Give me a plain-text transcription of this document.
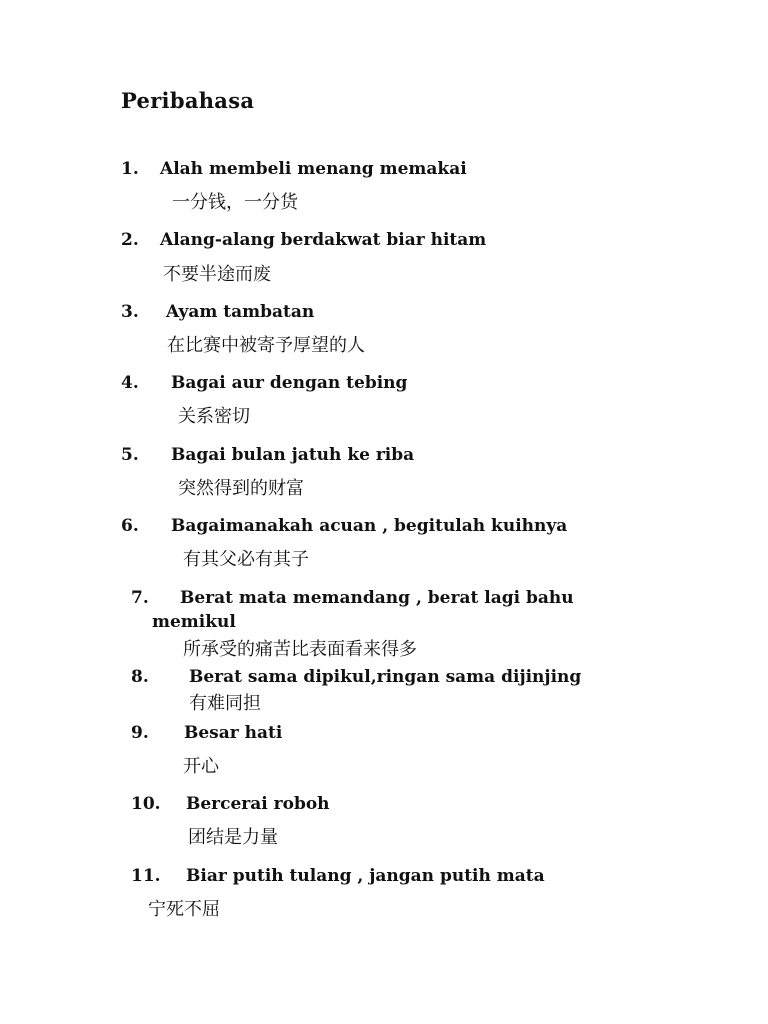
Peribahasa
1. Alah membeli menang memakai
一分钱，一分货
2. Alang-alang berdakwat biar hitam
不要半途而废
3. Ayam tambatan
在比赛中被寄予厚望的人
4. Bagai aur dengan tebing
关系密切
5. Bagai bulan jatuh ke riba
突然得到的财富
6. Bagaimanakah acuan , begitulah kuihnya
有其父必有其子
7. Berat mata memandang , berat lagi bahu
memikul
所承受的痛苦比表面看来得多
8. Berat sama dipikul,ringan sama dijinjing
有难同担
9. Besar hati
开心
10. Bercerai roboh
团结是力量
11. Biar putih tulang , jangan putih mata
宁死不屈
